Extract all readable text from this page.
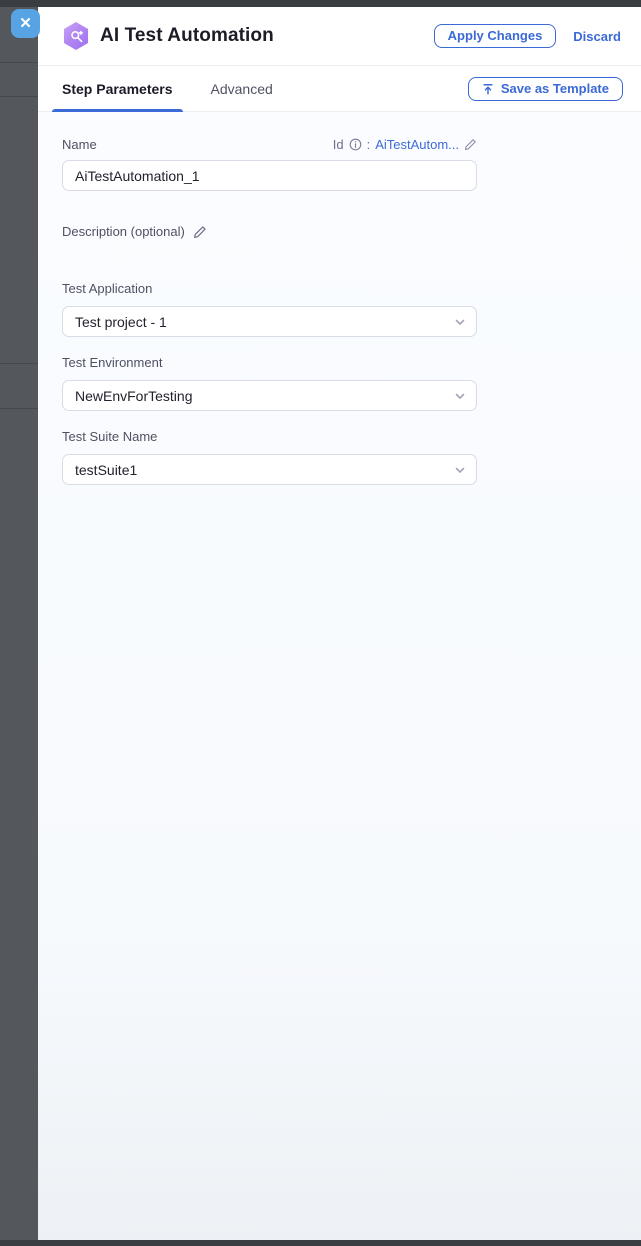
✕
AI Test Automation	Apply Changes	Discard
Step Parameters	Advanced	Save as Template
Name	Id : AiTestAutom...
AiTestAutomation_1
Description (optional)
Test Application
Test project - 1
Test Environment
NewEnvForTesting
Test Suite Name
testSuite1
